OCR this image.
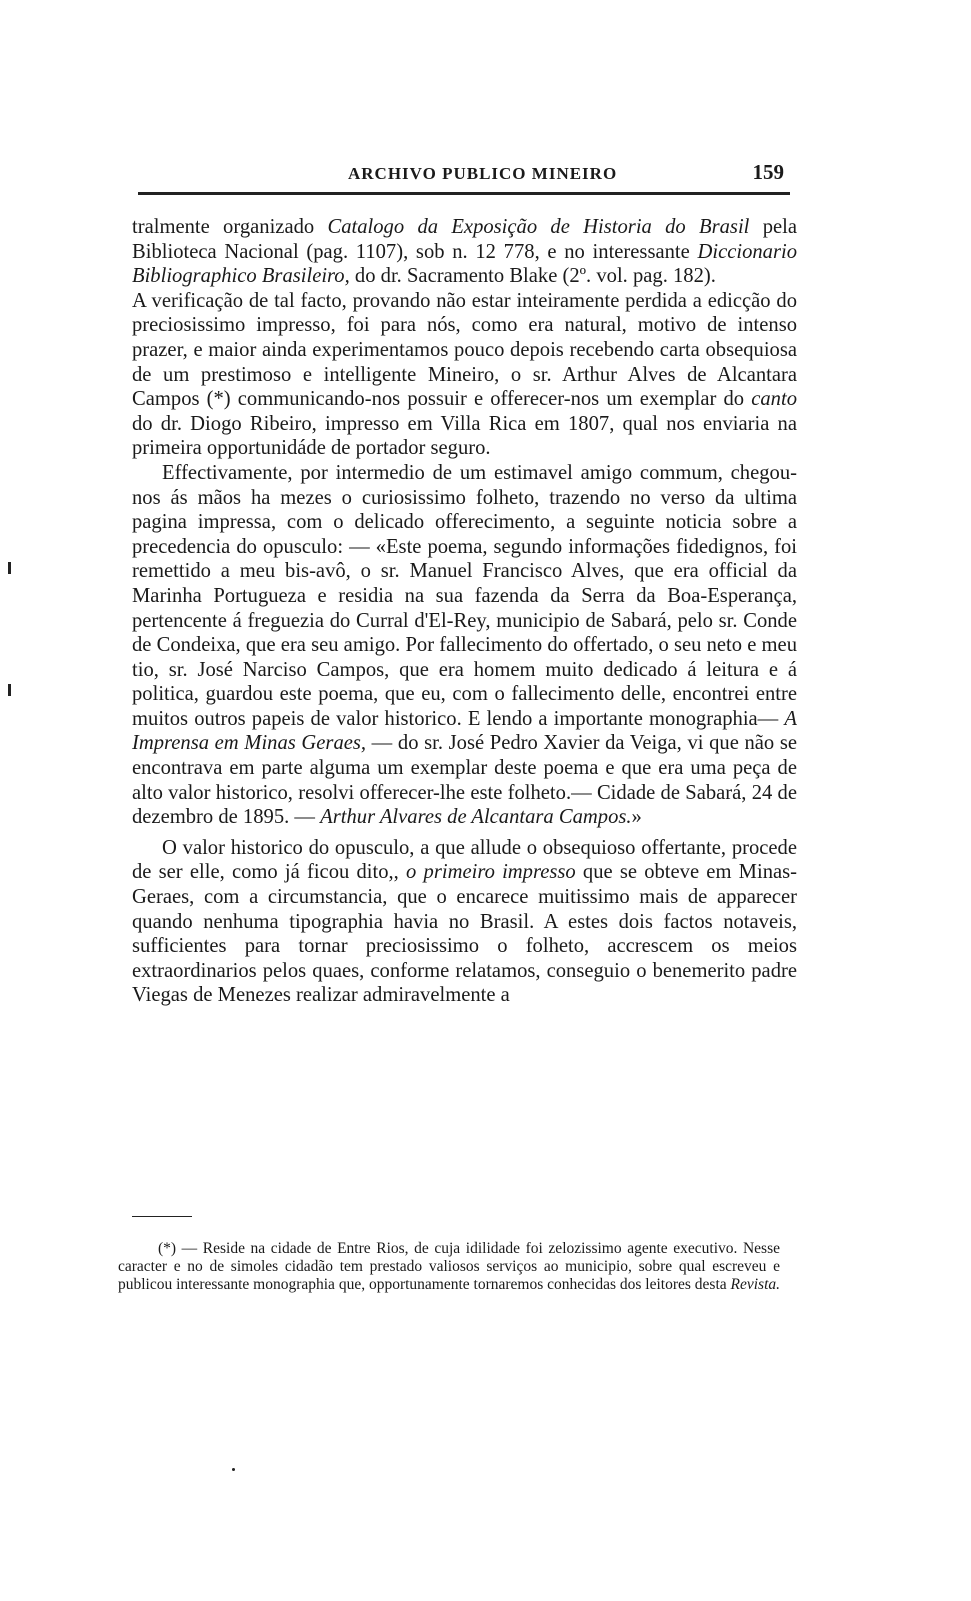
ARCHIVO PUBLICO MINEIRO	159

tralmente organizado Catalogo da Exposição de Historia do Brasil pela Biblioteca Nacional (pag. 1107), sob n. 12 778, e no interessante Diccionario Bibliographico Brasileiro, do dr. Sacramento Blake (2º. vol. pag. 182).

A verificação de tal facto, provando não estar inteiramente perdida a edicção do preciosissimo impresso, foi para nós, como era natural, motivo de intenso prazer, e maior ainda experimentamos pouco depois recebendo carta obsequiosa de um prestimoso e intelligente Mineiro, o sr. Arthur Alves de Alcantara Campos (*) communicando-nos possuir e offerecer-nos um exemplar do canto do dr. Diogo Ribeiro, impresso em Villa Rica em 1807, qual nos enviaria na primeira opportunidáde de portador seguro.

Effectivamente, por intermedio de um estimavel amigo commum, chegou-nos ás mãos ha mezes o curiosissimo folheto, trazendo no verso da ultima pagina impressa, com o delicado offerecimento, a seguinte noticia sobre a precedencia do opusculo: — «Este poema, segundo informações fidedignos, foi remettido a meu bis-avô, o sr. Manuel Francisco Alves, que era official da Marinha Portugueza e residia na sua fazenda da Serra da Boa-Esperança, pertencente á freguezia do Curral d'El-Rey, municipio de Sabará, pelo sr. Conde de Condeixa, que era seu amigo. Por fallecimento do offertado, o seu neto e meu tio, sr. José Narciso Campos, que era homem muito dedicado á leitura e á politica, guardou este poema, que eu, com o fallecimento delle, encontrei entre muitos outros papeis de valor historico. E lendo a importante monographia— A Imprensa em Minas Geraes, — do sr. José Pedro Xavier da Veiga, vi que não se encontrava em parte alguma um exemplar deste poema e que era uma peça de alto valor historico, resolvi offerecer-lhe este folheto.— Cidade de Sabará, 24 de dezembro de 1895. — Arthur Alvares de Alcantara Campos.»

O valor historico do opusculo, a que allude o obsequioso offertante, procede de ser elle, como já ficou dito,, o primeiro impresso que se obteve em Minas-Geraes, com a circumstancia, que o encarece muitissimo mais de apparecer quando nenhuma tipographia havia no Brasil. A estes dois factos notaveis, sufficientes para tornar preciosissimo o folheto, accrescem os meios extraordinarios pelos quaes, conforme relatamos, conseguio o benemerito padre Viegas de Menezes realizar admiravelmente a

(*) — Reside na cidade de Entre Rios, de cuja idilidade foi zelozissimo agente executivo. Nesse caracter e no de simoles cidadão tem prestado valiosos serviços ao municipio, sobre qual escreveu e publicou interessante monographia que, opportunamente tornaremos conhecidas dos leitores desta Revista.
